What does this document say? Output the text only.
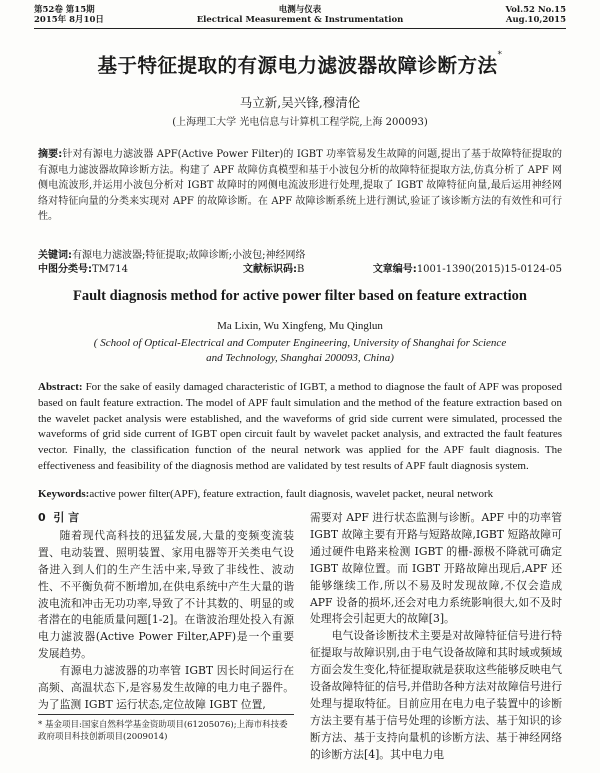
第52卷 第15期
2015年 8月10日
电测与仪表
Electrical Measurement & Instrumentation
Vol.52 No.15
Aug.10,2015
基于特征提取的有源电力滤波器故障诊断方法*
马立新,吴兴锋,穆清伦
(上海理工大学 光电信息与计算机工程学院,上海 200093)
摘要:针对有源电力滤波器 APF(Active Power Filter)的 IGBT 功率管易发生故障的问题,提出了基于故障特征提取的有源电力滤波器故障诊断方法。构建了 APF 故障仿真模型和基于小波包分析的故障特征提取方法,仿真分析了 APF 网侧电流波形,并运用小波包分析对 IGBT 故障时的网侧电流波形进行处理,提取了 IGBT 故障特征向量,最后运用神经网络对特征向量的分类来实现对 APF 的故障诊断。在 APF 故障诊断系统上进行测试,验证了该诊断方法的有效性和可行性。
关键词:有源电力滤波器;特征提取;故障诊断;小波包;神经网络
中图分类号:TM714	文献标识码:B	文章编号:1001-1390(2015)15-0124-05
Fault diagnosis method for active power filter based on feature extraction
Ma Lixin, Wu Xingfeng, Mu Qinglun
( School of Optical-Electrical and Computer Engineering, University of Shanghai for Science and Technology, Shanghai 200093, China)
Abstract: For the sake of easily damaged characteristic of IGBT, a method to diagnose the fault of APF was proposed based on fault feature extraction. The model of APF fault simulation and the method of the feature extraction based on the wavelet packet analysis were established, and the waveforms of grid side current were simulated, processed the waveforms of grid side current of IGBT open circuit fault by wavelet packet analysis, and extracted the fault features vector. Finally, the classification function of the neural network was applied for the APF fault diagnosis. The effectiveness and feasibility of the diagnosis method are validated by test results of APF fault diagnosis system.
Keywords:active power filter(APF), feature extraction, fault diagnosis, wavelet packet, neural network
0 引 言

随着现代高科技的迅猛发展,大量的变频变流装置、电动装置、照明装置、家用电器等开关类电气设备进入到人们的生产生活中来,导致了非线性、波动性、不平衡负荷不断增加,在供电系统中产生大量的谐波电流和冲击无功功率,导致了不计其数的、明显的或者潜在的电能质量问题[1-2]。在谐波治理处投入有源电力滤波器(Active Power Filter,APF)是一个重要发展趋势。

有源电力滤波器的功率管 IGBT 因长时间运行在高频、高温状态下,是容易发生故障的电力电子器件。为了监测 IGBT 运行状态,定位故障 IGBT 位置,

需要对 APF 进行状态监测与诊断。APF 中的功率管 IGBT 故障主要有开路与短路故障,IGBT 短路故障可通过硬件电路来检测 IGBT 的栅-源极不降就可确定 IGBT 故障位置。而 IGBT 开路故障出现后,APF 还能够继续工作,所以不易及时发现故障,不仅会造成 APF 设备的损坏,还会对电力系统影响很大,如不及时处理将会引起更大的故障[3]。

电气设备诊断技术主要是对故障特征信号进行特征提取与故障识别,由于电气设备故障和其时域或频域方面会发生变化,特征提取就是获取这些能够反映电气设备故障特征的信号,并借助各种方法对故障信号进行处理与提取特征。目前应用在电力电子装置中的诊断方法主要有基于信号处理的诊断方法、基于知识的诊断方法、基于支持向量机的诊断方法、基于神经网络的诊断方法[4]。其中电力电

* 基金项目:国家自然科学基金资助项目(61205076);上海市科技委政府项目科技创新项目(2009014)
